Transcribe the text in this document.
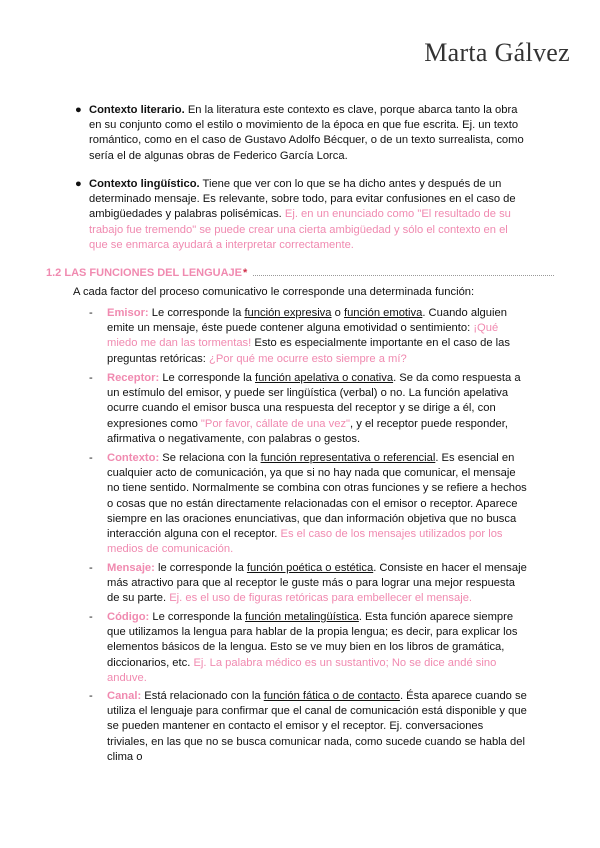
Marta Gálvez
● Contexto literario. En la literatura este contexto es clave, porque abarca tanto la obra en su conjunto como el estilo o movimiento de la época en que fue escrita. Ej. un texto romántico, como en el caso de Gustavo Adolfo Bécquer, o de un texto surrealista, como sería el de algunas obras de Federico García Lorca.
● Contexto lingüístico. Tiene que ver con lo que se ha dicho antes y después de un determinado mensaje. Es relevante, sobre todo, para evitar confusiones en el caso de ambigüedades y palabras polisémicas. Ej. en un enunciado como "El resultado de su trabajo fue tremendo" se puede crear una cierta ambigüedad y sólo el contexto en el que se enmarca ayudará a interpretar correctamente.
1.2 LAS FUNCIONES DEL LENGUAJE *
A cada factor del proceso comunicativo le corresponde una determinada función:
- Emisor: Le corresponde la función expresiva o función emotiva. Cuando alguien emite un mensaje, éste puede contener alguna emotividad o sentimiento: ¡Qué miedo me dan las tormentas! Esto es especialmente importante en el caso de las preguntas retóricas: ¿Por qué me ocurre esto siempre a mí?
- Receptor: Le corresponde la función apelativa o conativa. Se da como respuesta a un estímulo del emisor, y puede ser lingüística (verbal) o no. La función apelativa ocurre cuando el emisor busca una respuesta del receptor y se dirige a él, con expresiones como "Por favor, cállate de una vez", y el receptor puede responder, afirmativa o negativamente, con palabras o gestos.
- Contexto: Se relaciona con la función representativa o referencial. Es esencial en cualquier acto de comunicación, ya que si no hay nada que comunicar, el mensaje no tiene sentido. Normalmente se combina con otras funciones y se refiere a hechos o cosas que no están directamente relacionadas con el emisor o receptor. Aparece siempre en las oraciones enunciativas, que dan información objetiva que no busca interacción alguna con el receptor. Es el caso de los mensajes utilizados por los medios de comunicación.
- Mensaje: le corresponde la función poética o estética. Consiste en hacer el mensaje más atractivo para que al receptor le guste más o para lograr una mejor respuesta de su parte. Ej. es el uso de figuras retóricas para embellecer el mensaje.
- Código: Le corresponde la función metalingüística. Esta función aparece siempre que utilizamos la lengua para hablar de la propia lengua; es decir, para explicar los elementos básicos de la lengua. Esto se ve muy bien en los libros de gramática, diccionarios, etc. Ej. La palabra médico es un sustantivo; No se dice andé sino anduve.
- Canal: Está relacionado con la función fática o de contacto. Ésta aparece cuando se utiliza el lenguaje para confirmar que el canal de comunicación está disponible y que se pueden mantener en contacto el emisor y el receptor. Ej. conversaciones triviales, en las que no se busca comunicar nada, como sucede cuando se habla del clima o
